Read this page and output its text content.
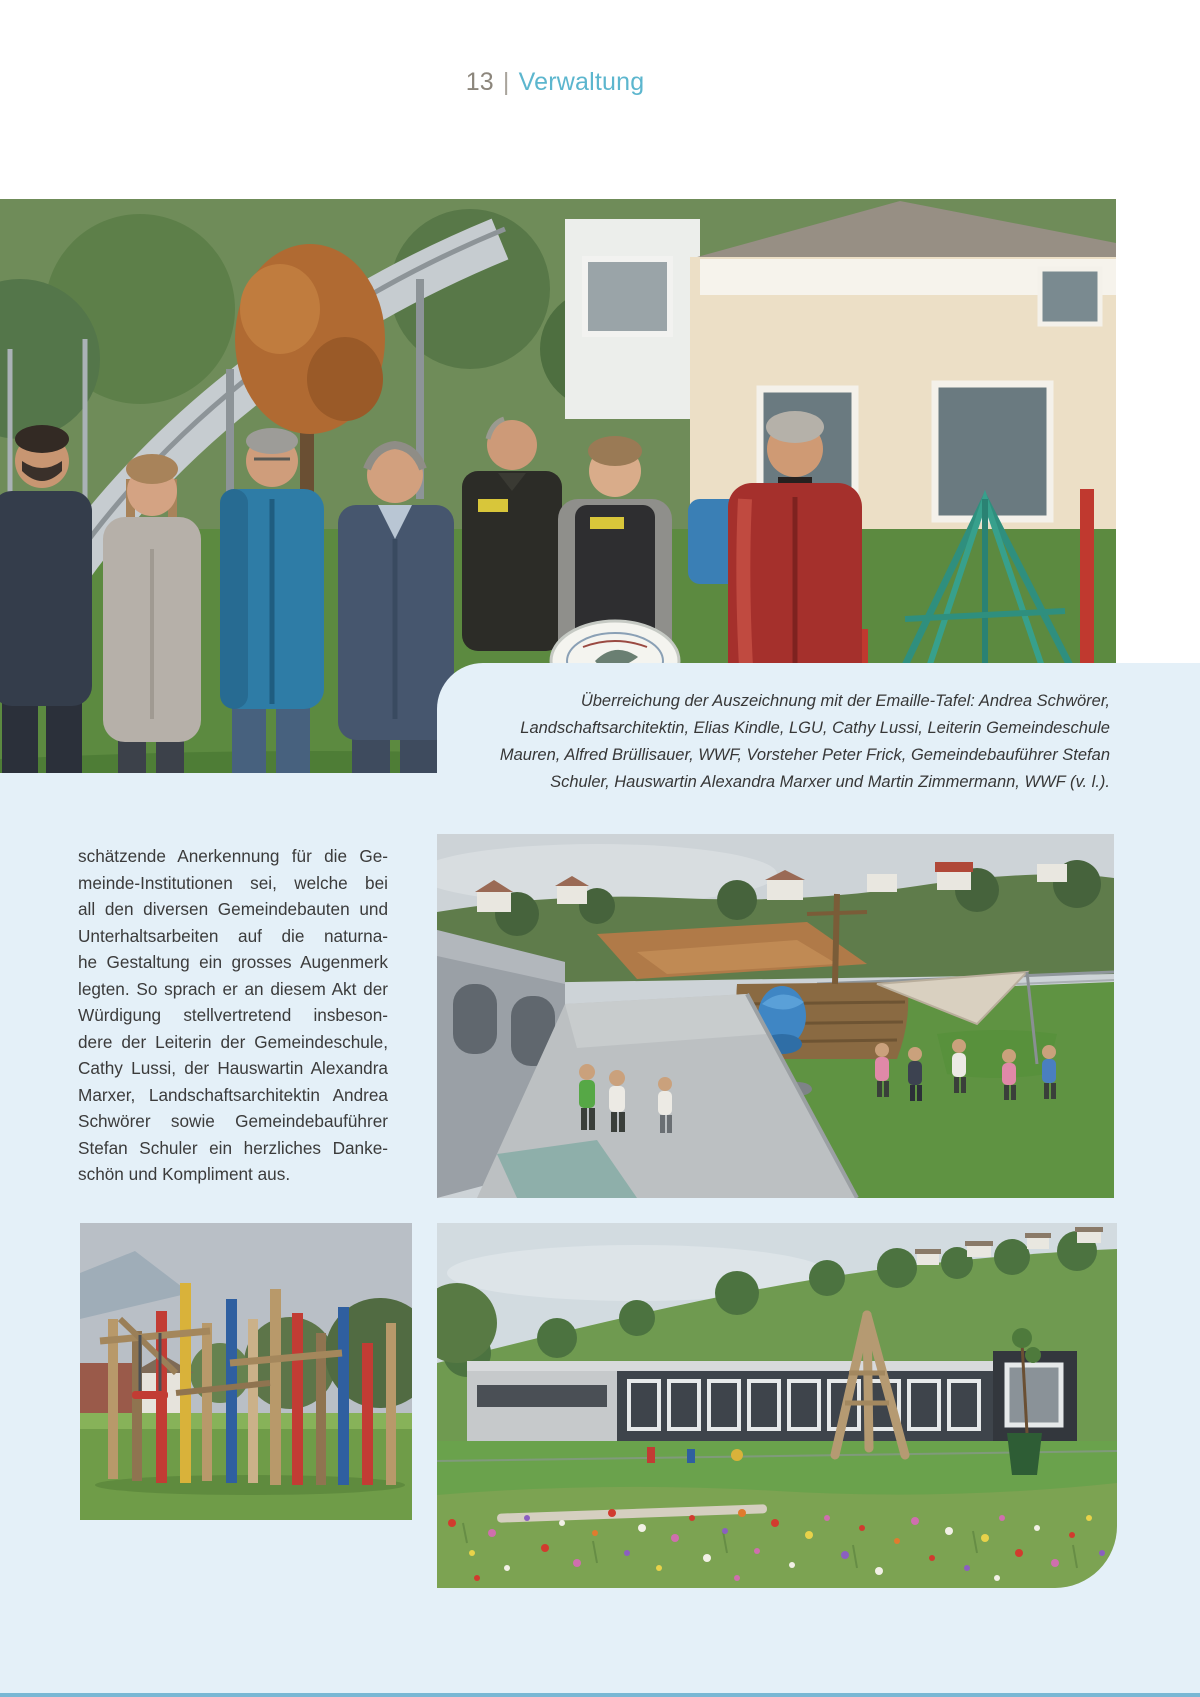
13 | Verwaltung
Überreichung der Auszeichnung mit der Emaille-Tafel: Andrea Schwörer,
Landschaftsarchitektin, Elias Kindle, LGU, Cathy Lussi, Leiterin Gemeindeschule
Mauren, Alfred Brüllisauer, WWF, Vorsteher Peter Frick, Gemeindebauführer Stefan
Schuler, Hauswartin Alexandra Marxer und Martin Zimmermann, WWF (v. l.).
schätzende Anerkennung für die Ge-
meinde-Institutionen sei, welche bei
all den diversen Gemeindebauten und
Unterhaltsarbeiten auf die naturna-
he Gestaltung ein grosses Augenmerk
legten. So sprach er an diesem Akt der
Würdigung stellvertretend insbeson-
dere der Leiterin der Gemeindeschule,
Cathy Lussi, der Hauswartin Alexandra
Marxer, Landschaftsarchitektin Andrea
Schwörer sowie Gemeindebauführer
Stefan Schuler ein herzliches Danke-
schön und Kompliment aus.
